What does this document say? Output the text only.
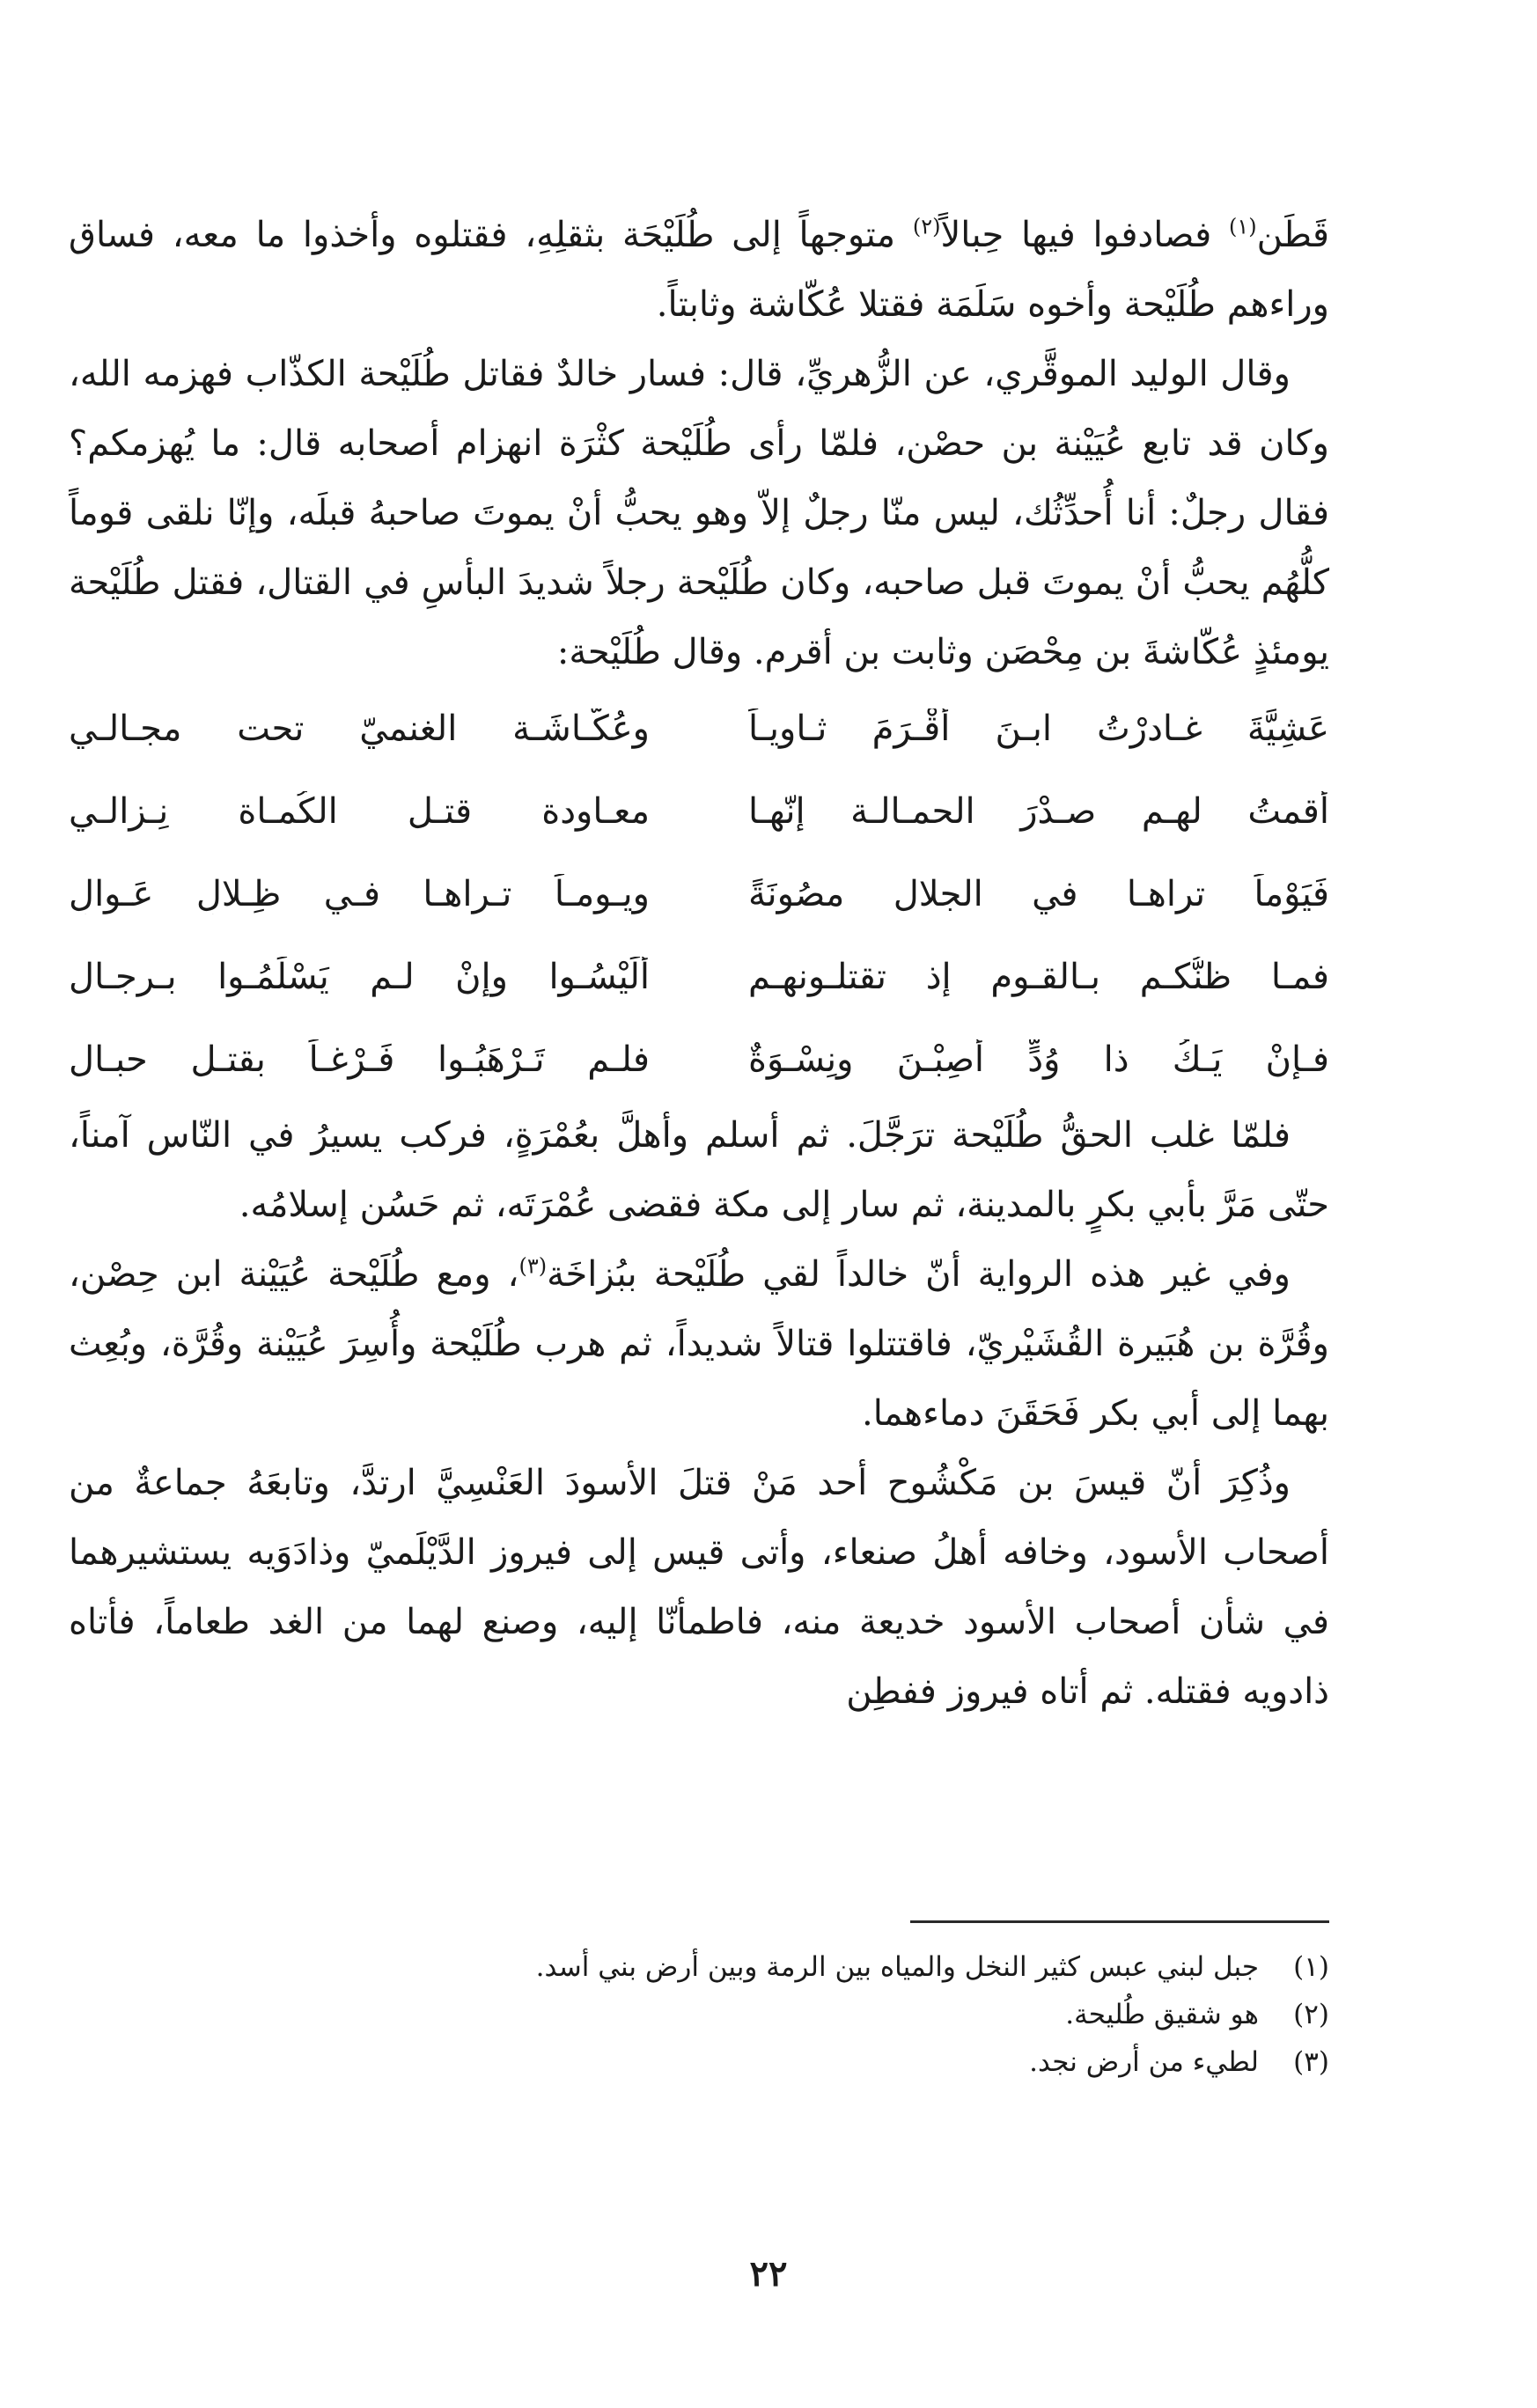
قَطَن$^{(١)}$ فصادفوا فيها حِبالاً$^{(٢)}$ متوجهاً إلى طُلَيْحَة بثقلِهِ، فقتلوه وأخذوا ما معه، فساق وراءهم طُلَيْحة وأخوه سَلَمَة فقتلا عُكّاشة وثابتاً.

وقال الوليد الموقَّري، عن الزُّهريِّ، قال: فسار خالدٌ فقاتل طُلَيْحة الكذّاب فهزمه الله، وكان قد تابع عُيَيْنة بن حصْن، فلمّا رأى طُلَيْحة كثْرَة انهزام أصحابه قال: ما يُهزمكم؟ فقال رجلٌ: أنا أُحدِّثُك، ليس منّا رجلٌ إلاّ وهو يحبُّ أنْ يموتَ صاحبهُ قبلَه، وإنّا نلقى قوماً كلُّهُم يحبُّ أنْ يموتَ قبل صاحبه، وكان طُلَيْحة رجلاً شديدَ البأسِ في القتال، فقتل طُلَيْحة يومئذٍ عُكّاشةَ بن مِحْصَن وثابت بن أقرم. وقال طُلَيْحة:

عَشِيَّةَ غـادرْتُ ابـنَ أقْـرَمَ ثـاويـاً
وعُكّـاشَـة الغنميّ تحت مجـالـي
أقمتُ لهـم صـدْرَ الحمـالـة إنّهـا
معـاودة قتـل الكُمـاة نِـزالـي
فَيَوْماً تراهـا في الجلال مصُونَةً
ويـومـاً تـراهـا فـي ظِـلالِ عَـوالِ
فمـا ظنُّكـم بـالقـوم إذ تقتلـونهـم
ألَيْسُـوا وإنْ لـم يَسْلَمُـوا بـرجـال
فـإنْ يَـكُ ذا وُدٍّ أُصِبْـنَ ونِسْـوَةٌ
فلـم تَـرْهَبُـوا فَـرْغـاً بقتـل حبـالِ

فلمّا غلب الحقُّ طُلَيْحة ترَجَّلَ. ثم أسلم وأهلَّ بعُمْرَةٍ، فركب يسيرُ في النّاس آمناً، حتّى مَرَّ بأبي بكرٍ بالمدينة، ثم سار إلى مكة فقضى عُمْرَتَه، ثم حَسُن إسلامُه.

وفي غير هذه الرواية أنّ خالداً لقي طُلَيْحة ببُزاخَة$^{(٣)}$، ومع طُلَيْحة عُيَيْنة ابن حِصْن، وقُرَّة بن هُبَيرة القُشَيْريّ، فاقتتلوا قتالاً شديداً، ثم هرب طُلَيْحة وأُسِرَ عُيَيْنة وقُرَّة، وبُعِث بهما إلى أبي بكر فَحَقَنَ دماءهما.

وذُكِرَ أنّ قيسَ بن مَكْشُوح أحد مَنْ قتلَ الأسودَ العَنْسِيَّ ارتدَّ، وتابعَهُ جماعةٌ من أصحاب الأسود، وخافه أهلُ صنعاء، وأتى قيس إلى فيروز الدَّيْلَميّ وذادَوَيه يستشيرهما في شأن أصحاب الأسود خديعة منه، فاطمأنّا إليه، وصنع لهما من الغد طعاماً، فأتاه ذادويه فقتله. ثم أتاه فيروز ففطِن

(١)
جبل لبني عبس كثير النخل والمياه بين الرمة وبين أرض بني أسد.
(٢)
هو شقيق طُليحة.
(٣)
لطيء من أرض نجد.
٢٢
